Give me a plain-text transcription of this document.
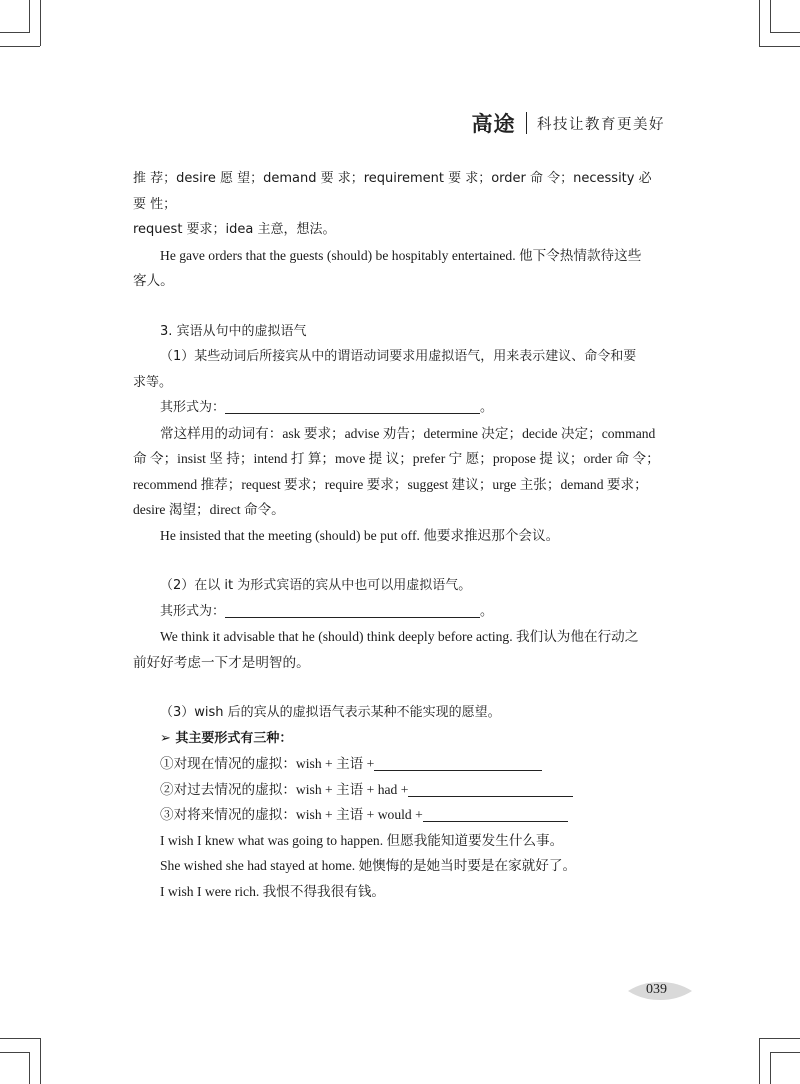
高途 科技让教育更美好

推 荐；desire 愿 望；demand 要 求；requirement 要 求；order 命 令；necessity 必 要 性；

request 要求；idea 主意，想法。

He gave orders that the guests (should) be hospitably entertained. 他下令热情款待这些

客人。

3. 宾语从句中的虚拟语气

（1）某些动词后所接宾从中的谓语动词要求用虚拟语气，用来表示建议、命令和要

求等。

其形式为：	。

常这样用的动词有：ask 要求；advise 劝告；determine 决定；decide 决定；command

命 令；insist 坚 持；intend 打 算；move 提 议；prefer 宁 愿；propose 提 议；order 命 令；

recommend 推荐；request 要求；require 要求；suggest 建议；urge 主张；demand 要求；

desire 渴望；direct 命令。

He insisted that the meeting (should) be put off. 他要求推迟那个会议。

（2）在以 it 为形式宾语的宾从中也可以用虚拟语气。

其形式为：	。

We think it advisable that he (should) think deeply before acting. 我们认为他在行动之

前好好考虑一下才是明智的。

（3）wish 后的宾从的虚拟语气表示某种不能实现的愿望。

➢ 其主要形式有三种：

①对现在情况的虚拟：wish + 主语 +

②对过去情况的虚拟：wish + 主语 + had +

③对将来情况的虚拟：wish + 主语 + would +

I wish I knew what was going to happen. 但愿我能知道要发生什么事。

She wished she had stayed at home. 她懊悔的是她当时要是在家就好了。

I wish I were rich. 我恨不得我很有钱。

039
